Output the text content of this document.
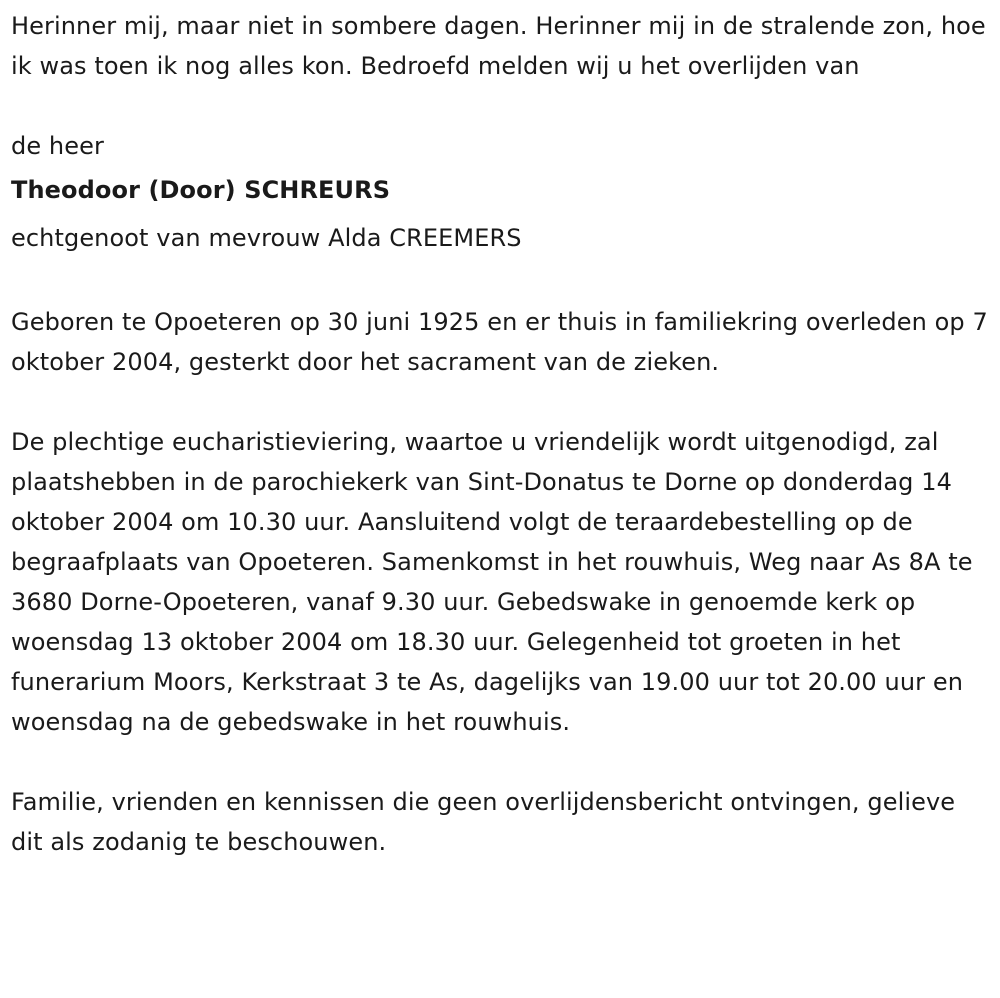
Herinner mij, maar niet in sombere dagen. Herinner mij in de stralende zon, hoe ik was toen ik nog alles kon. Bedroefd melden wij u het overlijden van

de heer

Theodoor (Door) SCHREURS

echtgenoot van mevrouw Alda CREEMERS

Geboren te Opoeteren op 30 juni 1925 en er thuis in familiekring overleden op 7 oktober 2004, gesterkt door het sacrament van de zieken.

De plechtige eucharistieviering, waartoe u vriendelijk wordt uitgenodigd, zal plaatshebben in de parochiekerk van Sint-Donatus te Dorne op donderdag 14 oktober 2004 om 10.30 uur. Aansluitend volgt de teraardebestelling op de begraafplaats van Opoeteren. Samenkomst in het rouwhuis, Weg naar As 8A te 3680 Dorne-Opoeteren, vanaf 9.30 uur. Gebedswake in genoemde kerk op woensdag 13 oktober 2004 om 18.30 uur. Gelegenheid tot groeten in het funerarium Moors, Kerkstraat 3 te As, dagelijks van 19.00 uur tot 20.00 uur en woensdag na de gebedswake in het rouwhuis.

Familie, vrienden en kennissen die geen overlijdensbericht ontvingen, gelieve dit als zodanig te beschouwen.
